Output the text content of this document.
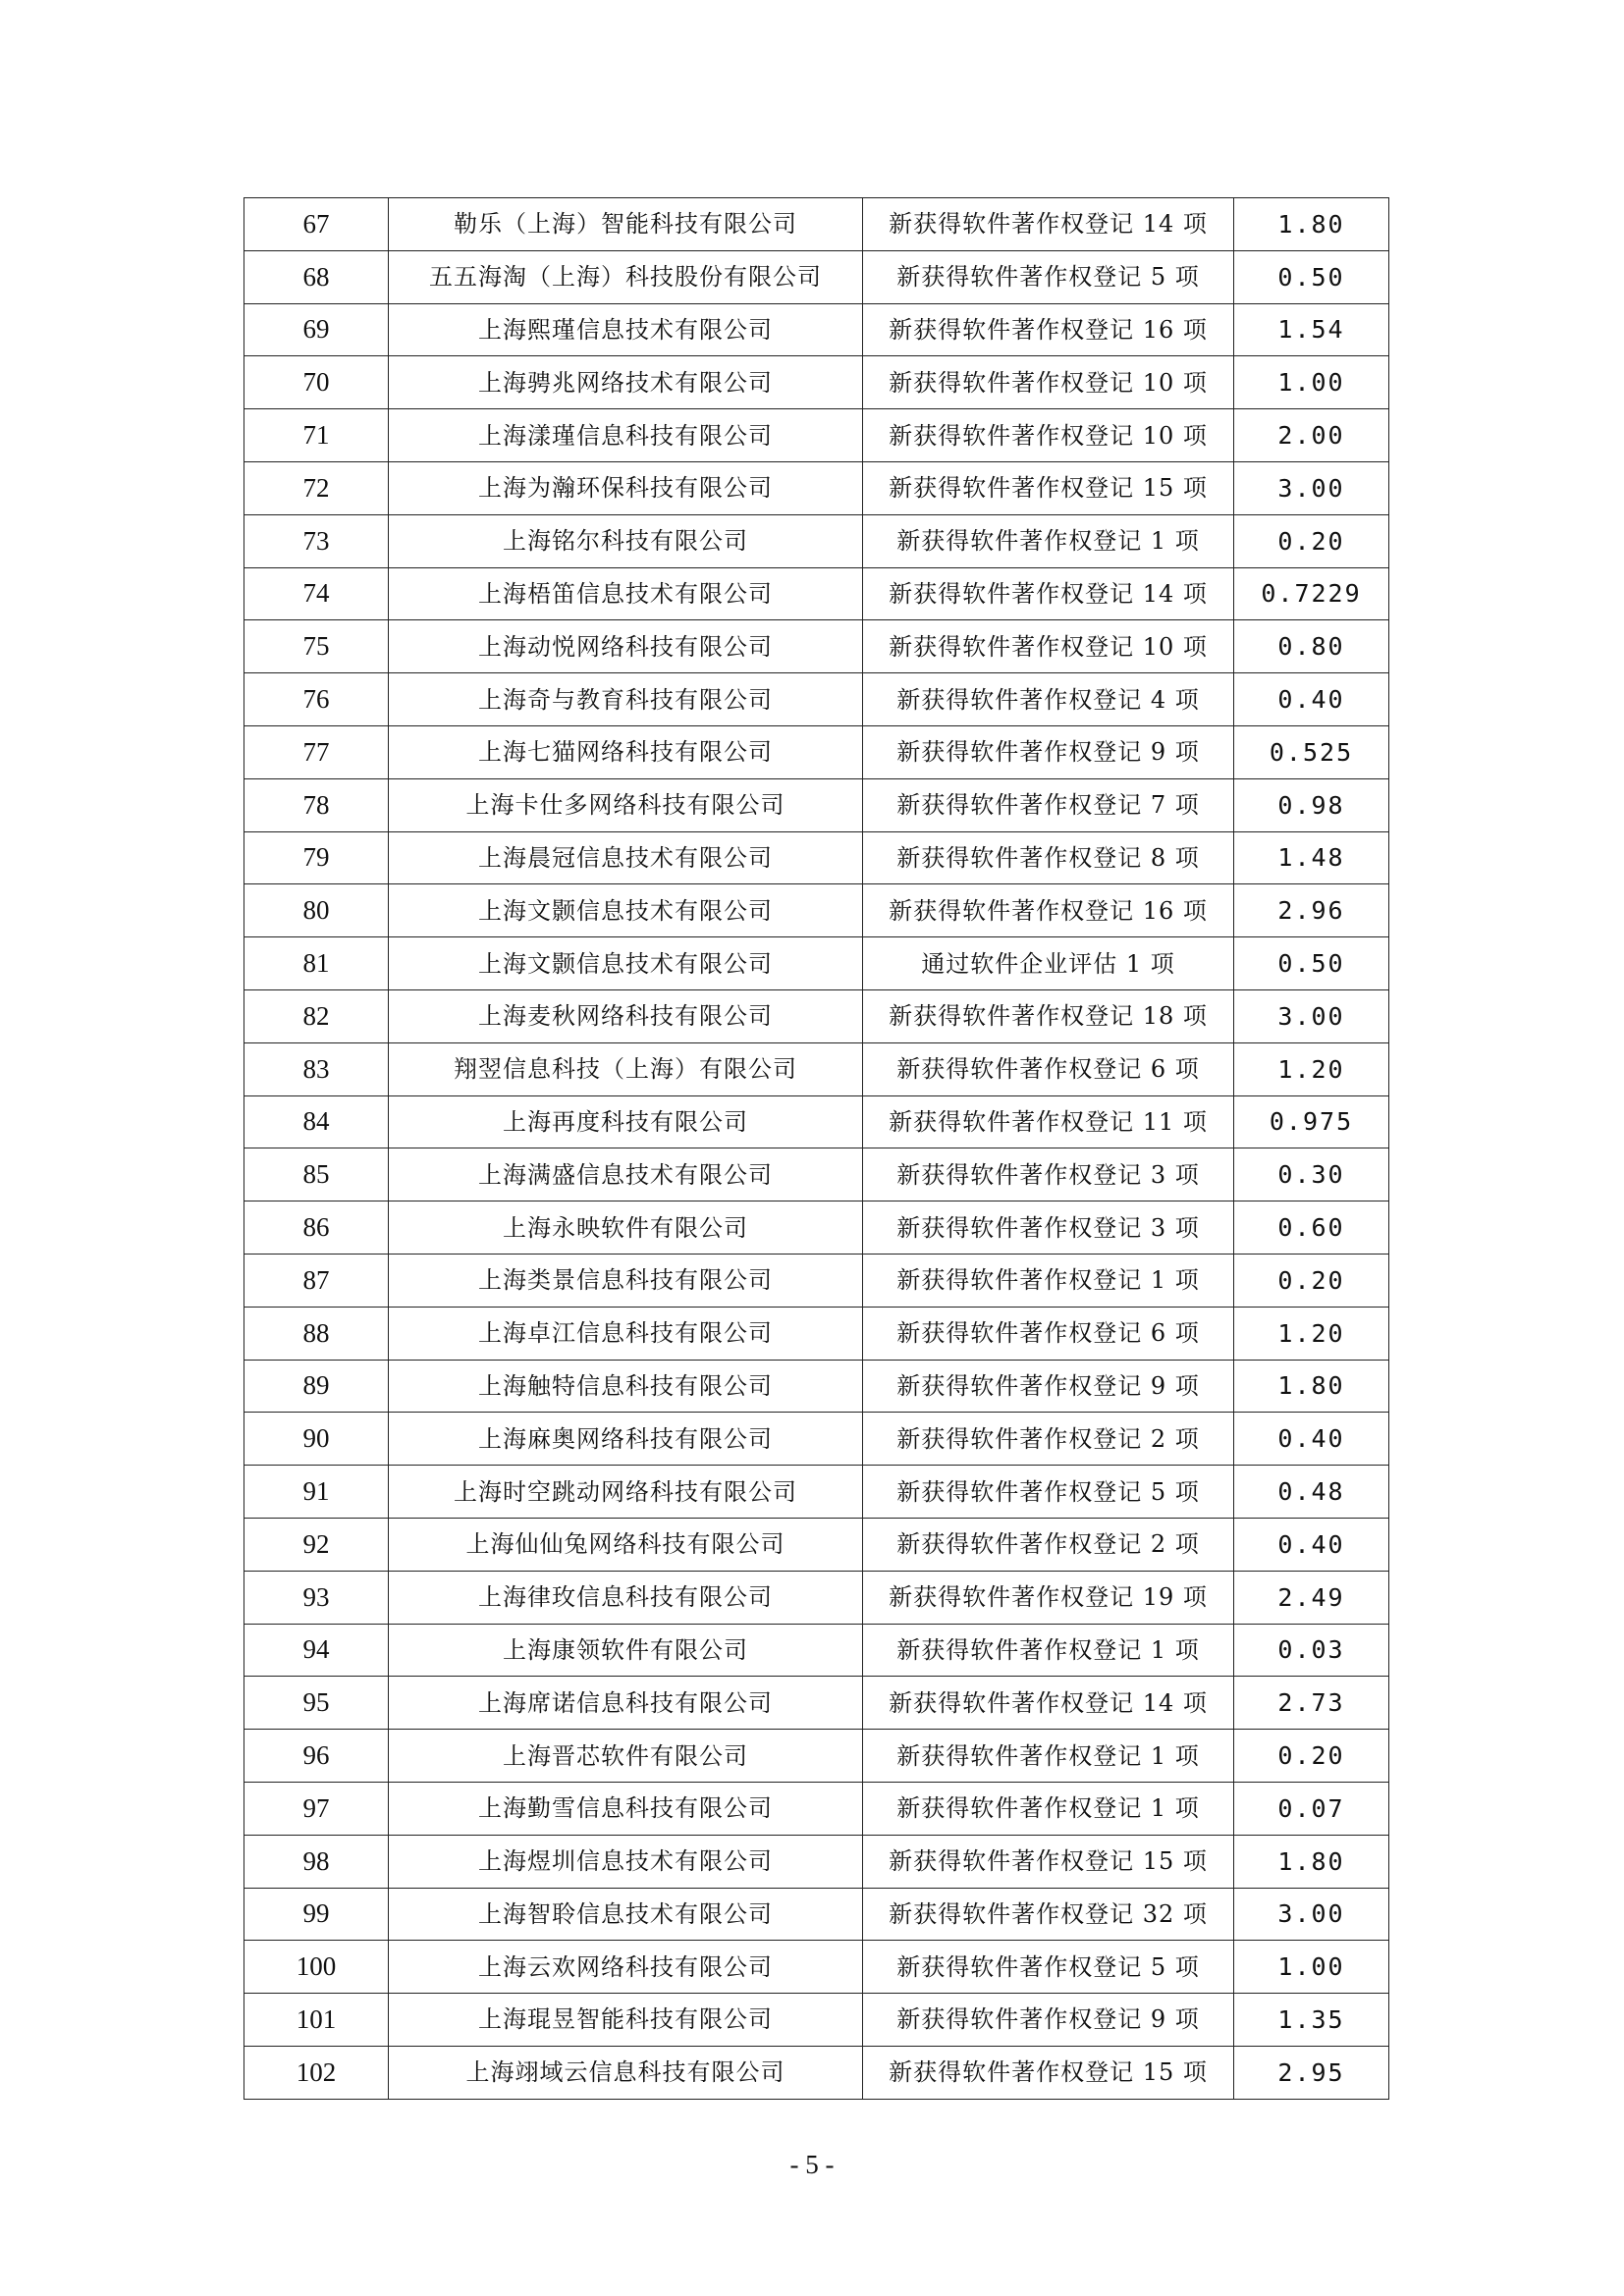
67	勒乐（上海）智能科技有限公司	新获得软件著作权登记 14 项	1.80
68	五五海淘（上海）科技股份有限公司	新获得软件著作权登记 5 项	0.50
69	上海熙瑾信息技术有限公司	新获得软件著作权登记 16 项	1.54
70	上海骋兆网络技术有限公司	新获得软件著作权登记 10 项	1.00
71	上海漾瑾信息科技有限公司	新获得软件著作权登记 10 项	2.00
72	上海为瀚环保科技有限公司	新获得软件著作权登记 15 项	3.00
73	上海铭尔科技有限公司	新获得软件著作权登记 1 项	0.20
74	上海梧笛信息技术有限公司	新获得软件著作权登记 14 项	0.7229
75	上海动悦网络科技有限公司	新获得软件著作权登记 10 项	0.80
76	上海奇与教育科技有限公司	新获得软件著作权登记 4 项	0.40
77	上海七猫网络科技有限公司	新获得软件著作权登记 9 项	0.525
78	上海卡仕多网络科技有限公司	新获得软件著作权登记 7 项	0.98
79	上海晨冠信息技术有限公司	新获得软件著作权登记 8 项	1.48
80	上海文颢信息技术有限公司	新获得软件著作权登记 16 项	2.96
81	上海文颢信息技术有限公司	通过软件企业评估 1 项	0.50
82	上海麦秋网络科技有限公司	新获得软件著作权登记 18 项	3.00
83	翔翌信息科技（上海）有限公司	新获得软件著作权登记 6 项	1.20
84	上海再度科技有限公司	新获得软件著作权登记 11 项	0.975
85	上海满盛信息技术有限公司	新获得软件著作权登记 3 项	0.30
86	上海永映软件有限公司	新获得软件著作权登记 3 项	0.60
87	上海类景信息科技有限公司	新获得软件著作权登记 1 项	0.20
88	上海卓江信息科技有限公司	新获得软件著作权登记 6 项	1.20
89	上海触特信息科技有限公司	新获得软件著作权登记 9 项	1.80
90	上海麻奥网络科技有限公司	新获得软件著作权登记 2 项	0.40
91	上海时空跳动网络科技有限公司	新获得软件著作权登记 5 项	0.48
92	上海仙仙兔网络科技有限公司	新获得软件著作权登记 2 项	0.40
93	上海律玫信息科技有限公司	新获得软件著作权登记 19 项	2.49
94	上海康领软件有限公司	新获得软件著作权登记 1 项	0.03
95	上海席诺信息科技有限公司	新获得软件著作权登记 14 项	2.73
96	上海晋芯软件有限公司	新获得软件著作权登记 1 项	0.20
97	上海勤雪信息科技有限公司	新获得软件著作权登记 1 项	0.07
98	上海煜圳信息技术有限公司	新获得软件著作权登记 15 项	1.80
99	上海智聆信息技术有限公司	新获得软件著作权登记 32 项	3.00
100	上海云欢网络科技有限公司	新获得软件著作权登记 5 项	1.00
101	上海琨昱智能科技有限公司	新获得软件著作权登记 9 项	1.35
102	上海翊域云信息科技有限公司	新获得软件著作权登记 15 项	2.95
- 5 -
